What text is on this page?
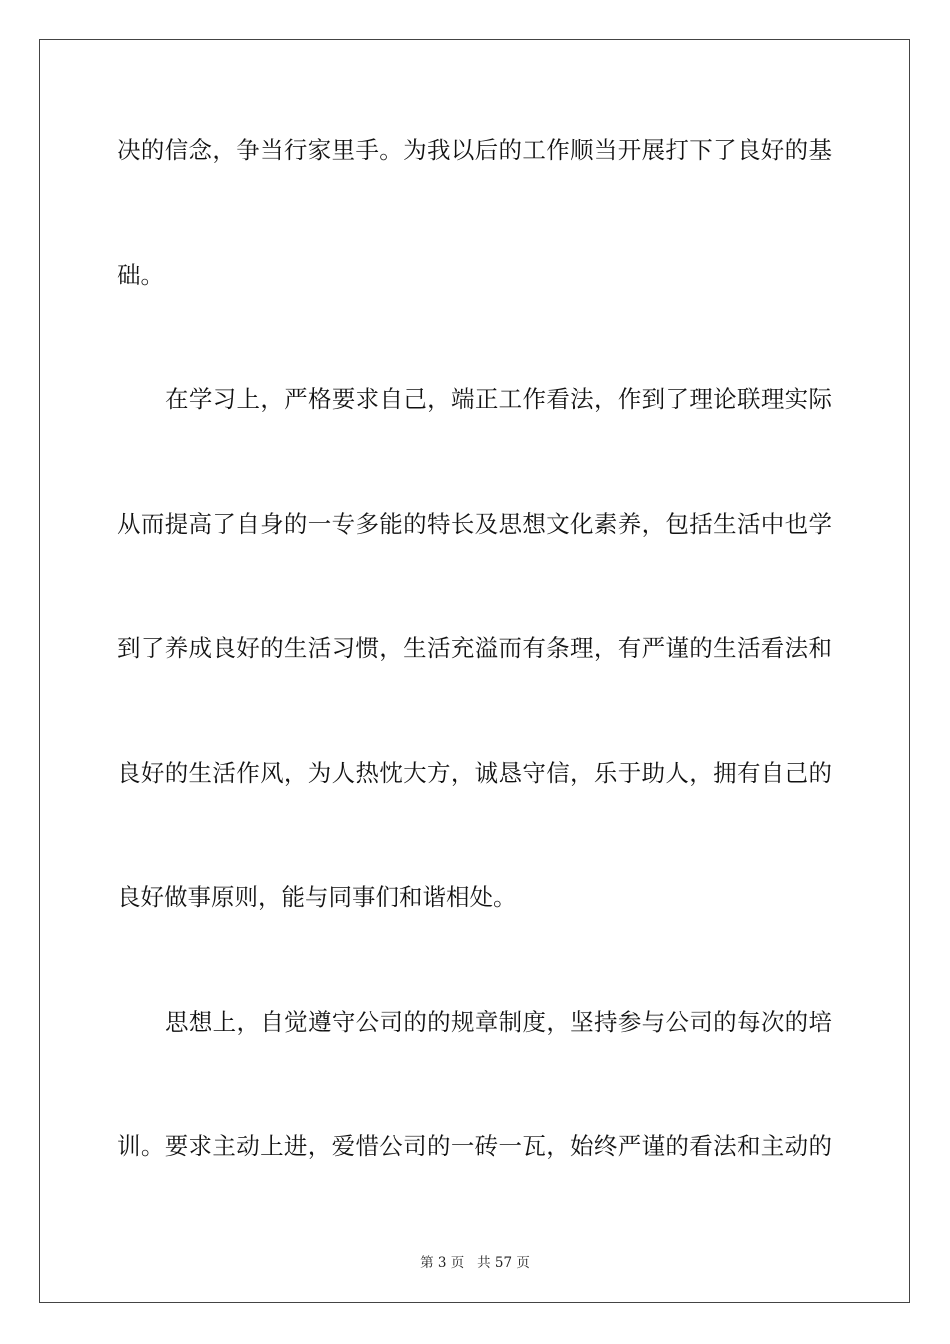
决的信念，争当行家里手。为我以后的工作顺当开展打下了良好的基
础。
在学习上，严格要求自己，端正工作看法，作到了理论联理实际
从而提高了自身的一专多能的特长及思想文化素养，包括生活中也学
到了养成良好的生活习惯，生活充溢而有条理，有严谨的生活看法和
良好的生活作风，为人热忱大方，诚恳守信，乐于助人，拥有自己的
良好做事原则，能与同事们和谐相处。
思想上，自觉遵守公司的的规章制度，坚持参与公司的每次的培
训。要求主动上进，爱惜公司的一砖一瓦，始终严谨的看法和主动的
第 3 页 共 57 页
